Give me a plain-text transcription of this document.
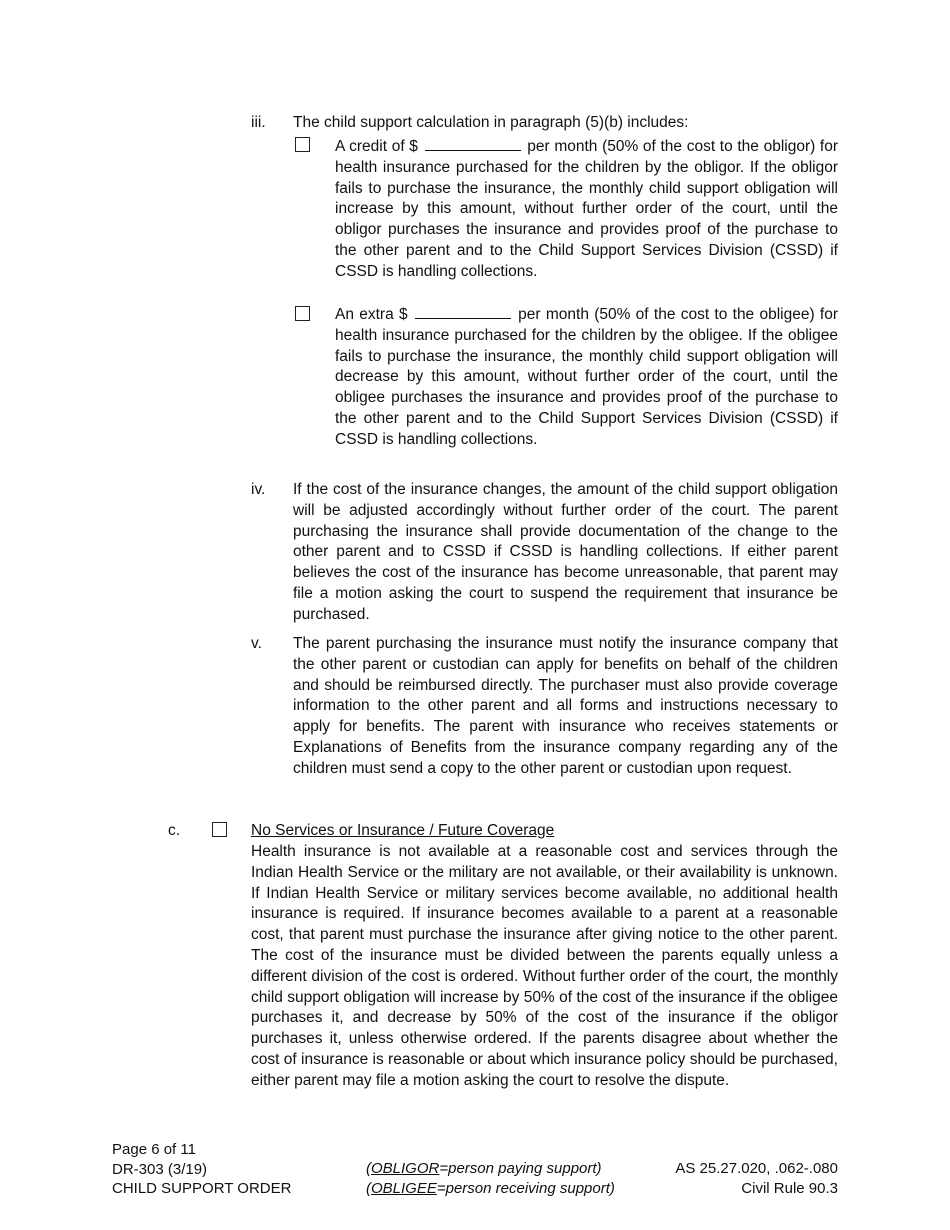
iii. The child support calculation in paragraph (5)(b) includes:
A credit of $	per month (50% of the cost to the obligor) for health insurance purchased for the children by the obligor. If the obligor fails to purchase the insurance, the monthly child support obligation will increase by this amount, without further order of the court, until the obligor purchases the insurance and provides proof of the purchase to the other parent and to the Child Support Services Division (CSSD) if CSSD is handling collections.
An extra $	per month (50% of the cost to the obligee) for health insurance purchased for the children by the obligee. If the obligee fails to purchase the insurance, the monthly child support obligation will decrease by this amount, without further order of the court, until the obligee purchases the insurance and provides proof of the purchase to the other parent and to the Child Support Services Division (CSSD) if CSSD is handling collections.
iv. If the cost of the insurance changes, the amount of the child support obligation will be adjusted accordingly without further order of the court. The parent purchasing the insurance shall provide documentation of the change to the other parent and to CSSD if CSSD is handling collections. If either parent believes the cost of the insurance has become unreasonable, that parent may file a motion asking the court to suspend the requirement that insurance be purchased.
v. The parent purchasing the insurance must notify the insurance company that the other parent or custodian can apply for benefits on behalf of the children and should be reimbursed directly. The purchaser must also provide coverage information to the other parent and all forms and instructions necessary to apply for benefits. The parent with insurance who receives statements or Explanations of Benefits from the insurance company regarding any of the children must send a copy to the other parent or custodian upon request.
c.	No Services or Insurance / Future Coverage
Health insurance is not available at a reasonable cost and services through the Indian Health Service or the military are not available, or their availability is unknown. If Indian Health Service or military services become available, no additional health insurance is required. If insurance becomes available to a parent at a reasonable cost, that parent must purchase the insurance after giving notice to the other parent. The cost of the insurance must be divided between the parents equally unless a different division of the cost is ordered. Without further order of the court, the monthly child support obligation will increase by 50% of the cost of the insurance if the obligee purchases it, and decrease by 50% of the cost of the insurance if the obligor purchases it, unless otherwise ordered. If the parents disagree about whether the cost of insurance is reasonable or about which insurance policy should be purchased, either parent may file a motion asking the court to resolve the dispute.
Page 6 of 11
DR-303 (3/19)
CHILD SUPPORT ORDER
(OBLIGOR=person paying support)
(OBLIGEE=person receiving support)
AS 25.27.020, .062-.080
Civil Rule 90.3
